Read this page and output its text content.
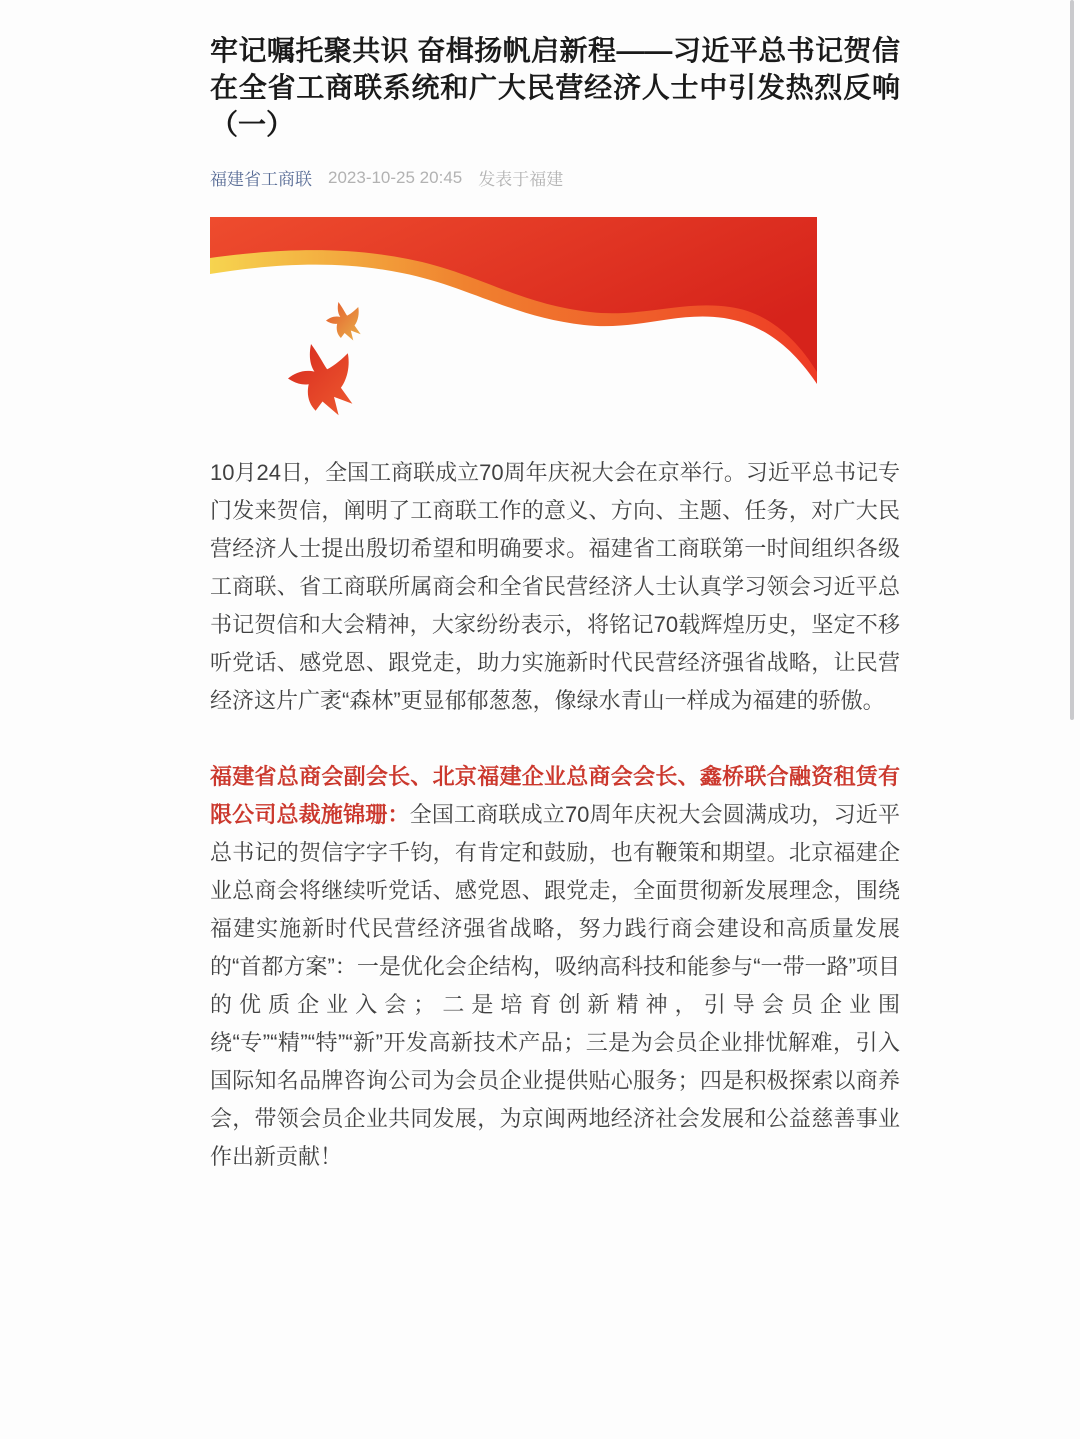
牢记嘱托聚共识 奋楫扬帆启新程——习近平总书记贺信在全省工商联系统和广大民营经济人士中引发热烈反响（一）
福建省工商联 2023-10-25 20:45 发表于福建

10月24日，全国工商联成立70周年庆祝大会在京举行。习近平总书记专门发来贺信，阐明了工商联工作的意义、方向、主题、任务，对广大民营经济人士提出殷切希望和明确要求。福建省工商联第一时间组织各级工商联、省工商联所属商会和全省民营经济人士认真学习领会习近平总书记贺信和大会精神，大家纷纷表示，将铭记70载辉煌历史，坚定不移听党话、感党恩、跟党走，助力实施新时代民营经济强省战略，让民营经济这片广袤“森林”更显郁郁葱葱，像绿水青山一样成为福建的骄傲。

福建省总商会副会长、北京福建企业总商会会长、鑫桥联合融资租赁有限公司总裁施锦珊：全国工商联成立70周年庆祝大会圆满成功，习近平总书记的贺信字字千钧，有肯定和鼓励，也有鞭策和期望。北京福建企业总商会将继续听党话、感党恩、跟党走，全面贯彻新发展理念，围绕福建实施新时代民营经济强省战略，努力践行商会建设和高质量发展的“首都方案”：一是优化会企结构，吸纳高科技和能参与“一带一路”项目的优质企业入会；二是培育创新精神，引导会员企业围绕“专”“精”“特”“新”开发高新技术产品；三是为会员企业排忧解难，引入国际知名品牌咨询公司为会员企业提供贴心服务；四是积极探索以商养会，带领会员企业共同发展，为京闽两地经济社会发展和公益慈善事业作出新贡献！
